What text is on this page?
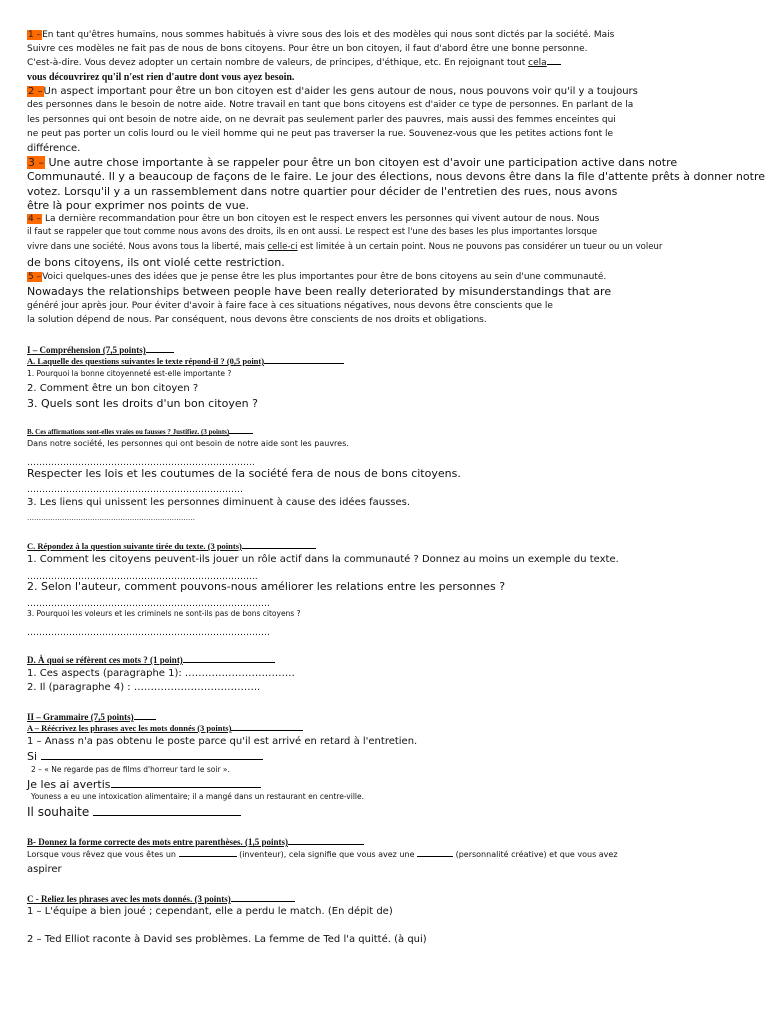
1 –En tant qu'êtres humains, nous sommes habitués à vivre sous des lois et des modèles qui nous sont dictés par la société. Mais
Suivre ces modèles ne fait pas de nous de bons citoyens. Pour être un bon citoyen, il faut d'abord être une bonne personne.
C'est-à-dire. Vous devez adopter un certain nombre de valeurs, de principes, d'éthique, etc. En rejoignant tout cela
vous découvrirez qu'il n'est rien d'autre dont vous ayez besoin.
2 –Un aspect important pour être un bon citoyen est d'aider les gens autour de nous, nous pouvons voir qu'il y a toujours
des personnes dans le besoin de notre aide. Notre travail en tant que bons citoyens est d'aider ce type de personnes. En parlant de la
les personnes qui ont besoin de notre aide, on ne devrait pas seulement parler des pauvres, mais aussi des femmes enceintes qui
ne peut pas porter un colis lourd ou le vieil homme qui ne peut pas traverser la rue. Souvenez-vous que les petites actions font le
différence.
3 – Une autre chose importante à se rappeler pour être un bon citoyen est d'avoir une participation active dans notre
Communauté. Il y a beaucoup de façons de le faire. Le jour des élections, nous devons être dans la file d'attente prêts à donner notre
votez. Lorsqu'il y a un rassemblement dans notre quartier pour décider de l'entretien des rues, nous avons
être là pour exprimer nos points de vue.
4 – La dernière recommandation pour être un bon citoyen est le respect envers les personnes qui vivent autour de nous. Nous
il faut se rappeler que tout comme nous avons des droits, ils en ont aussi. Le respect est l'une des bases les plus importantes lorsque
vivre dans une société. Nous avons tous la liberté, mais celle-ci est limitée à un certain point. Nous ne pouvons pas considérer un tueur ou un voleur
de bons citoyens, ils ont violé cette restriction.
5 –Voici quelques-unes des idées que je pense être les plus importantes pour être de bons citoyens au sein d'une communauté.
Nowadays the relationships between people have been really deteriorated by misunderstandings that are
généré jour après jour. Pour éviter d'avoir à faire face à ces situations négatives, nous devons être conscients que le
la solution dépend de nous. Par conséquent, nous devons être conscients de nos droits et obligations.
I – Compréhension (7,5 points)
A. Laquelle des questions suivantes le texte répond-il ? (0,5 point)
1. Pourquoi la bonne citoyenneté est-elle importante ?
2. Comment être un bon citoyen ?
3. Quels sont les droits d'un bon citoyen ?
B. Ces affirmations sont-elles vraies ou fausses ? Justifiez. (3 points)
Dans notre société, les personnes qui ont besoin de notre aide sont les pauvres.
………………………………………………………………….
Respecter les lois et les coutumes de la société fera de nous de bons citoyens.
………………………………………………………………
3. Les liens qui unissent les personnes diminuent à cause des idées fausses.
………………………………………………………………
C. Répondez à la question suivante tirée du texte. (3 points)
1. Comment les citoyens peuvent-ils jouer un rôle actif dans la communauté ? Donnez au moins un exemple du texte.
…………………………………………………………………..
2. Selon l'auteur, comment pouvons-nous améliorer les relations entre les personnes ?
………………………………………………………………………
3. Pourquoi les voleurs et les criminels ne sont-ils pas de bons citoyens ?
………………………………………………………………………
D. À quoi se réfèrent ces mots ? (1 point)
1. Ces aspects (paragraphe 1): ……………………………
2. Il (paragraphe 4) : ………………………………..
II – Grammaire (7,5 points)
A – Réécrivez les phrases avec les mots donnés (3 points)
1 – Anass n'a pas obtenu le poste parce qu'il est arrivé en retard à l'entretien.
Si
2 – « Ne regarde pas de films d'horreur tard le soir ».
Je les ai avertis
Youness a eu une intoxication alimentaire; il a mangé dans un restaurant en centre-ville.
Il souhaite
B- Donnez la forme correcte des mots entre parenthèses. (1,5 points)
Lorsque vous rêvez que vous êtes un	(inventeur), cela signifie que vous avez une	(personnalité créative) et que vous avez
aspirer
C - Reliez les phrases avec les mots donnés. (3 points)
1 – L'équipe a bien joué ; cependant, elle a perdu le match. (En dépit de)
2 – Ted Elliot raconte à David ses problèmes. La femme de Ted l'a quitté. (à qui)
